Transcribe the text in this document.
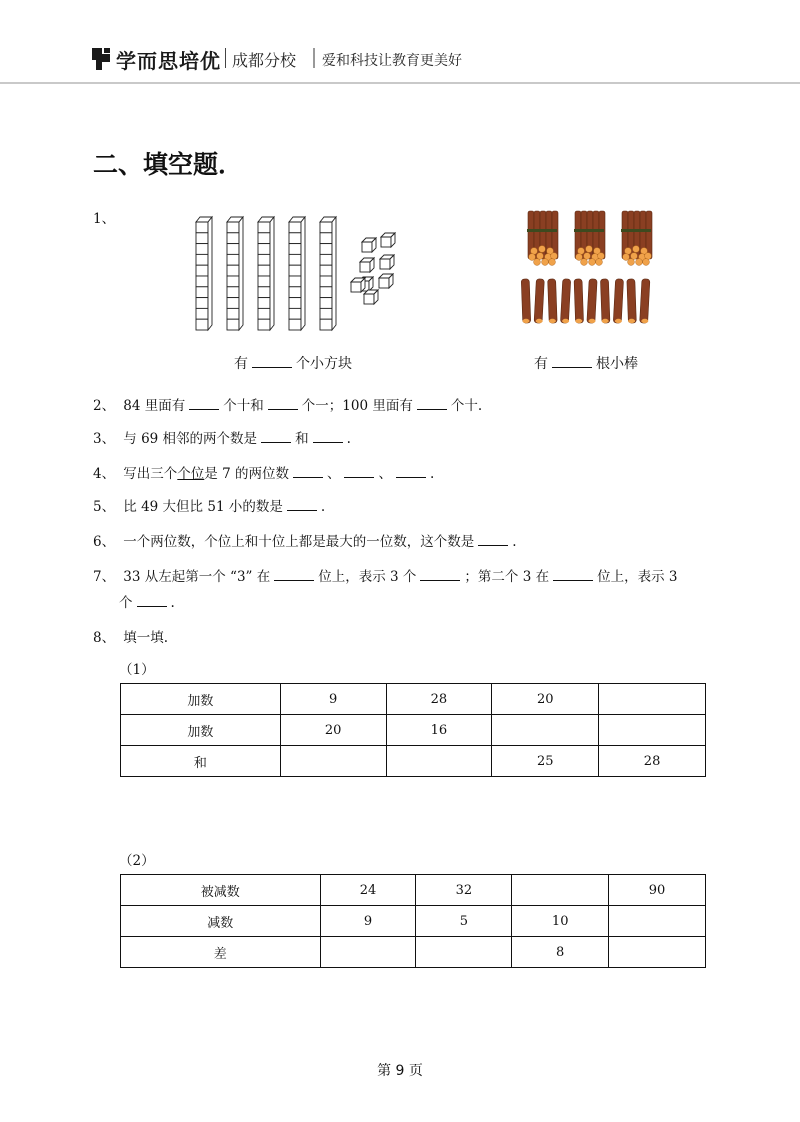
学而思培优 成都分校 爱和科技让教育更美好
二、填空题．
1、
有	个小方块	有	根小棒
2、 84 里面有	个十和	个一；100 里面有	个十.
3、 与 69 相邻的两个数是	和	.
4、 写出三个个位是 7 的两位数	、	、	.
5、 比 49 大但比 51 小的数是	.
6、 一个两位数，个位上和十位上都是最大的一位数，这个数是	.
7、 33 从左起第一个 “3” 在	位上，表示 3 个	；第二个 3 在	位上，表示 3
个	.
8、 填一填.
（1）
加数	9	28	20	
加数	20	16		
和			25	28
（2）
被减数	24	32		90
减数	9	5	10	
差			8	
第 9 页
